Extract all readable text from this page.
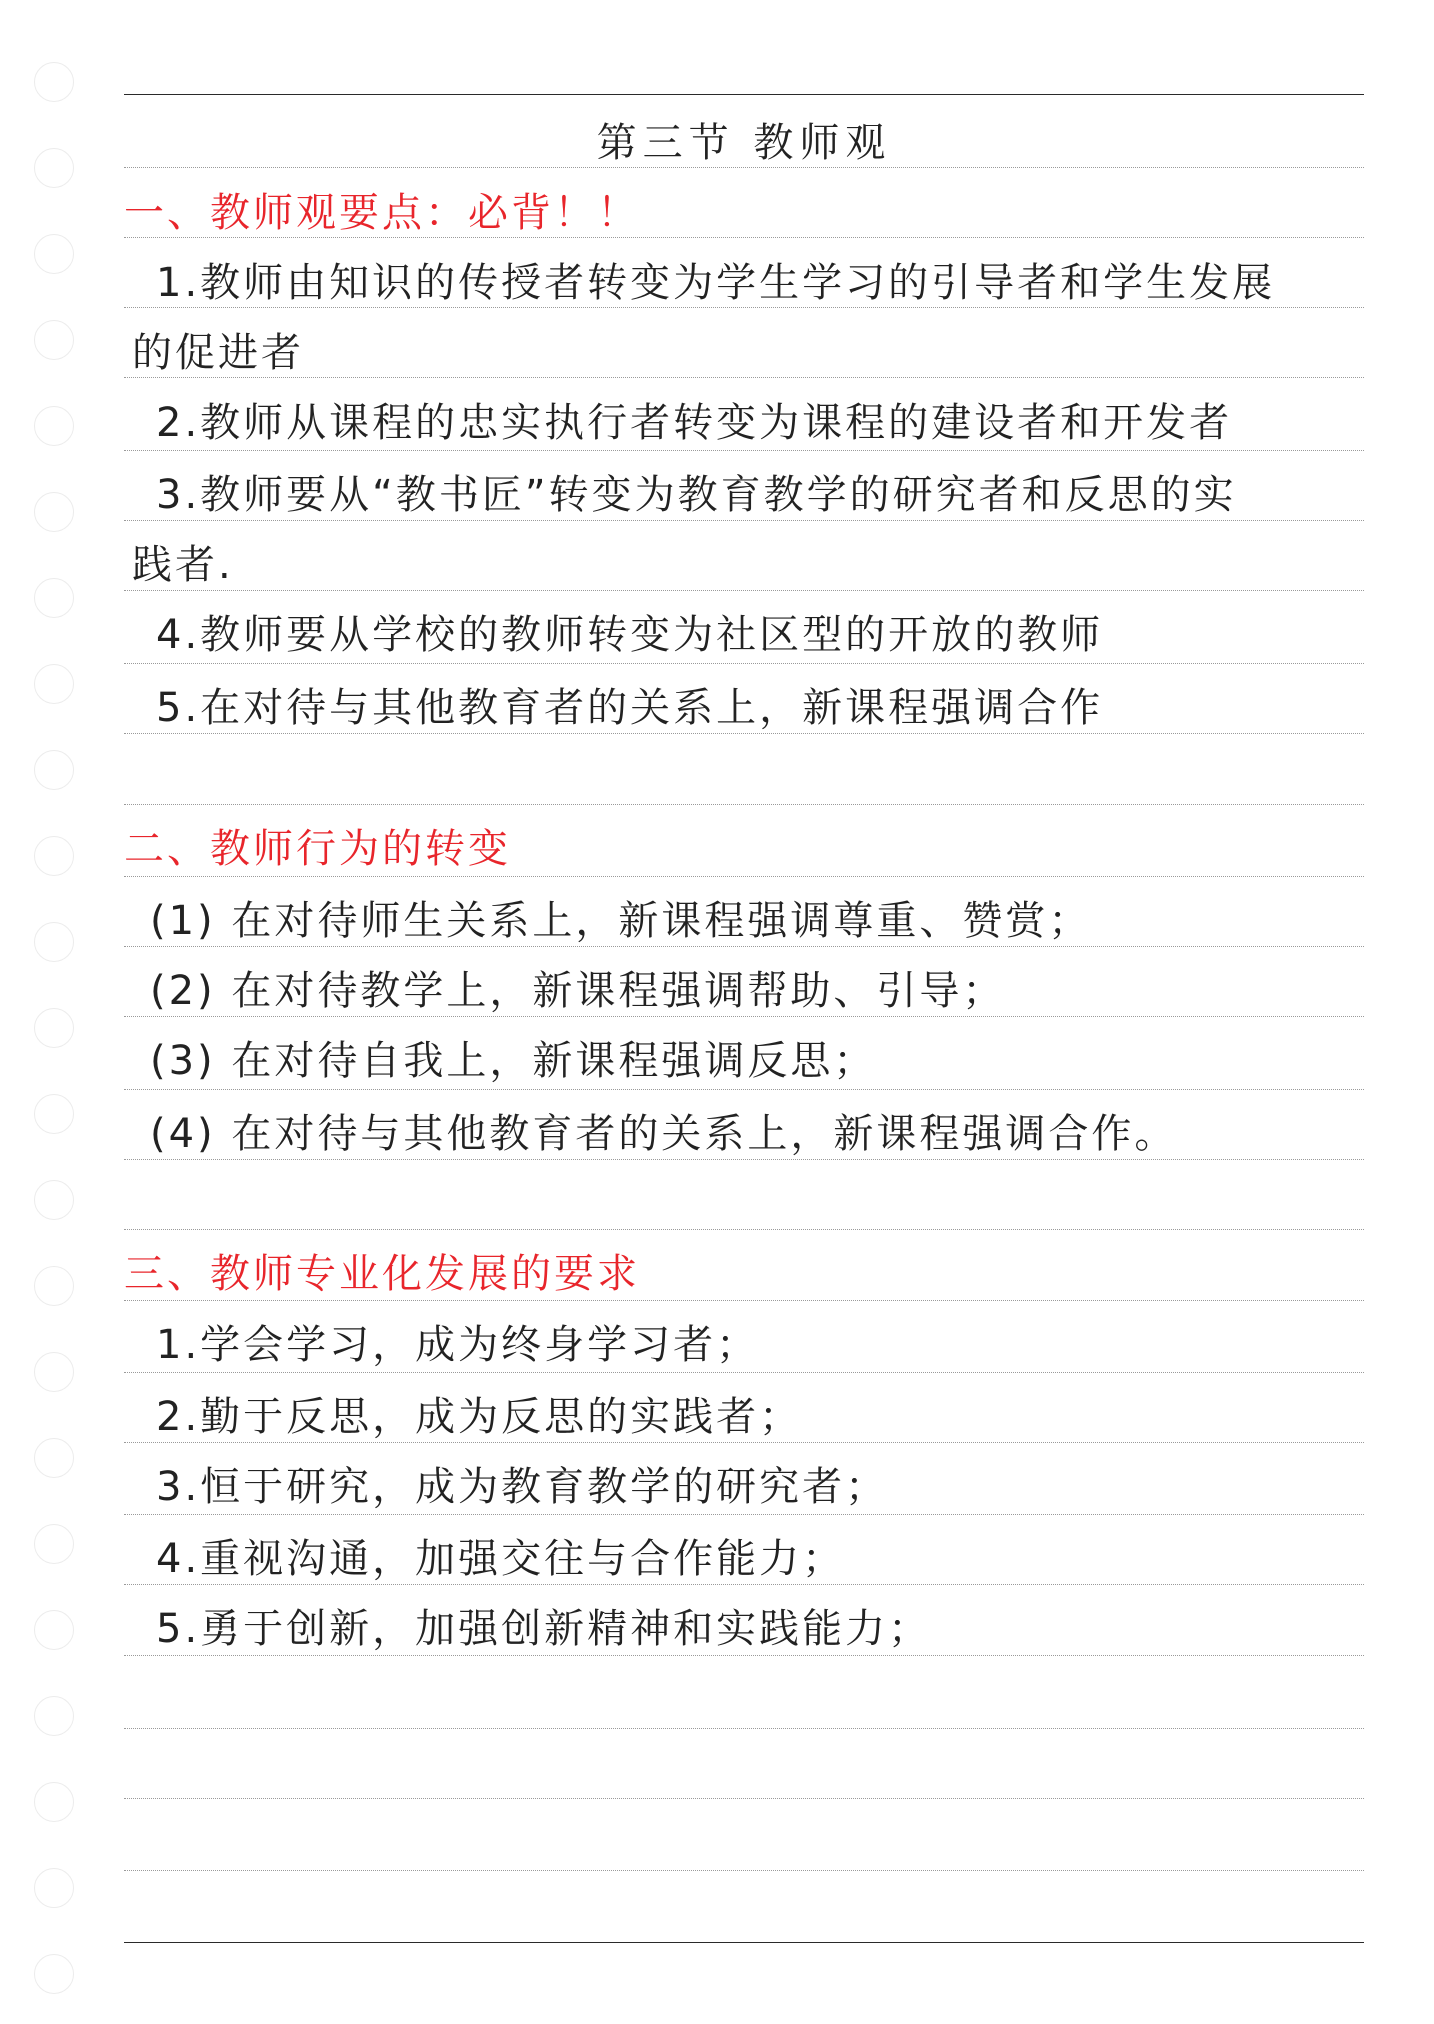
第三节 教师观
一、教师观要点：必背！！
1.教师由知识的传授者转变为学生学习的引导者和学生发展
的促进者
2.教师从课程的忠实执行者转变为课程的建设者和开发者
3.教师要从“教书匠”转变为教育教学的研究者和反思的实
践者.
4.教师要从学校的教师转变为社区型的开放的教师
5.在对待与其他教育者的关系上，新课程强调合作
二、教师行为的转变
(1) 在对待师生关系上，新课程强调尊重、赞赏；
(2) 在对待教学上，新课程强调帮助、引导；
(3) 在对待自我上，新课程强调反思；
(4) 在对待与其他教育者的关系上，新课程强调合作。
三、教师专业化发展的要求
1.学会学习，成为终身学习者；
2.勤于反思，成为反思的实践者；
3.恒于研究，成为教育教学的研究者；
4.重视沟通，加强交往与合作能力；
5.勇于创新，加强创新精神和实践能力；
